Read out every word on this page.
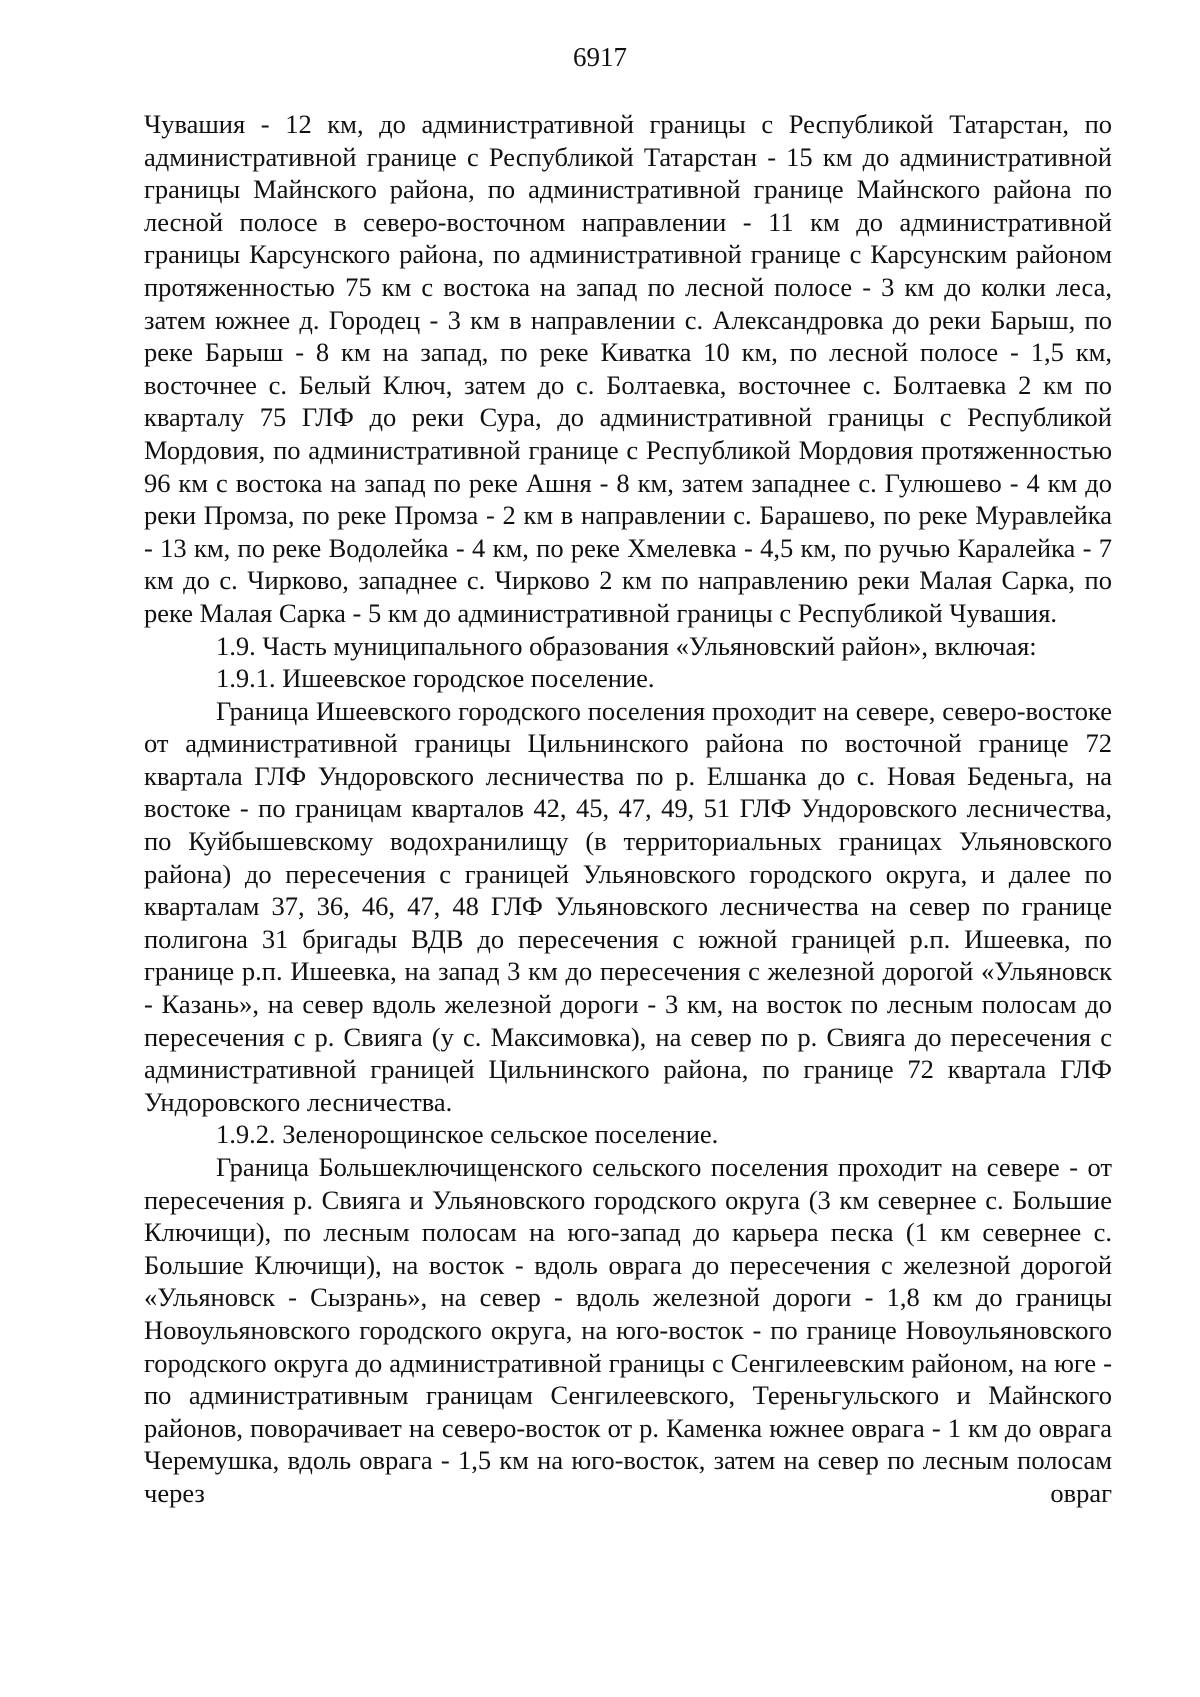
6917

Чувашия - 12 км, до административной границы с Республикой Татарстан, по административной границе с Республикой Татарстан - 15 км до административной границы Майнского района, по административной границе Майнского района по лесной полосе в северо-восточном направлении - 11 км до административной границы Карсунского района, по административной границе с Карсунским районом протяженностью 75 км с востока на запад по лесной полосе - 3 км до колки леса, затем южнее д. Городец - 3 км в направлении с. Александровка до реки Барыш, по реке Барыш - 8 км на запад, по реке Киватка 10 км, по лесной полосе - 1,5 км, восточнее с. Белый Ключ, затем до с. Болтаевка, восточнее с. Болтаевка 2 км по кварталу 75 ГЛФ до реки Сура, до административной границы с Республикой Мордовия, по административной границе с Республикой Мордовия протяженностью 96 км с востока на запад по реке Ашня - 8 км, затем западнее с. Гулюшево - 4 км до реки Промза, по реке Промза - 2 км в направлении с. Барашево, по реке Муравлейка - 13 км, по реке Водолейка - 4 км, по реке Хмелевка - 4,5 км, по ручью Каралейка - 7 км до с. Чирково, западнее с. Чирково 2 км по направлению реки Малая Сарка, по реке Малая Сарка - 5 км до административной границы с Республикой Чувашия.

1.9. Часть муниципального образования «Ульяновский район», включая:

1.9.1. Ишеевское городское поселение.

Граница Ишеевского городского поселения проходит на севере, северо-востоке от административной границы Цильнинского района по восточной границе 72 квартала ГЛФ Ундоровского лесничества по р. Елшанка до с. Новая Беденьга, на востоке - по границам кварталов 42, 45, 47, 49, 51 ГЛФ Ундоровского лесничества, по Куйбышевскому водохранилищу (в территориальных границах Ульяновского района) до пересечения с границей Ульяновского городского округа, и далее по кварталам 37, 36, 46, 47, 48 ГЛФ Ульяновского лесничества на север по границе полигона 31 бригады ВДВ до пересечения с южной границей р.п. Ишеевка, по границе р.п. Ишеевка, на запад 3 км до пересечения с железной дорогой «Ульяновск - Казань», на север вдоль железной дороги - 3 км, на восток по лесным полосам до пересечения с р. Свияга (у с. Максимовка), на север по р. Свияга до пересечения с административной границей Цильнинского района, по границе 72 квартала ГЛФ Ундоровского лесничества.

1.9.2. Зеленорощинское сельское поселение.

Граница Большеключищенского сельского поселения проходит на севере - от пересечения р. Свияга и Ульяновского городского округа (3 км севернее с. Большие Ключищи), по лесным полосам на юго-запад до карьера песка (1 км севернее с. Большие Ключищи), на восток - вдоль оврага до пересечения с железной дорогой «Ульяновск - Сызрань», на север - вдоль железной дороги - 1,8 км до границы Новоульяновского городского округа, на юго-восток - по границе Новоульяновского городского округа до административной границы с Сенгилеевским районом, на юге - по административным границам Сенгилеевского, Тереньгульского и Майнского районов, поворачивает на северо-восток от р. Каменка южнее оврага - 1 км до оврага Черемушка, вдоль оврага - 1,5 км на юго-восток, затем на север по лесным полосам через овраг
